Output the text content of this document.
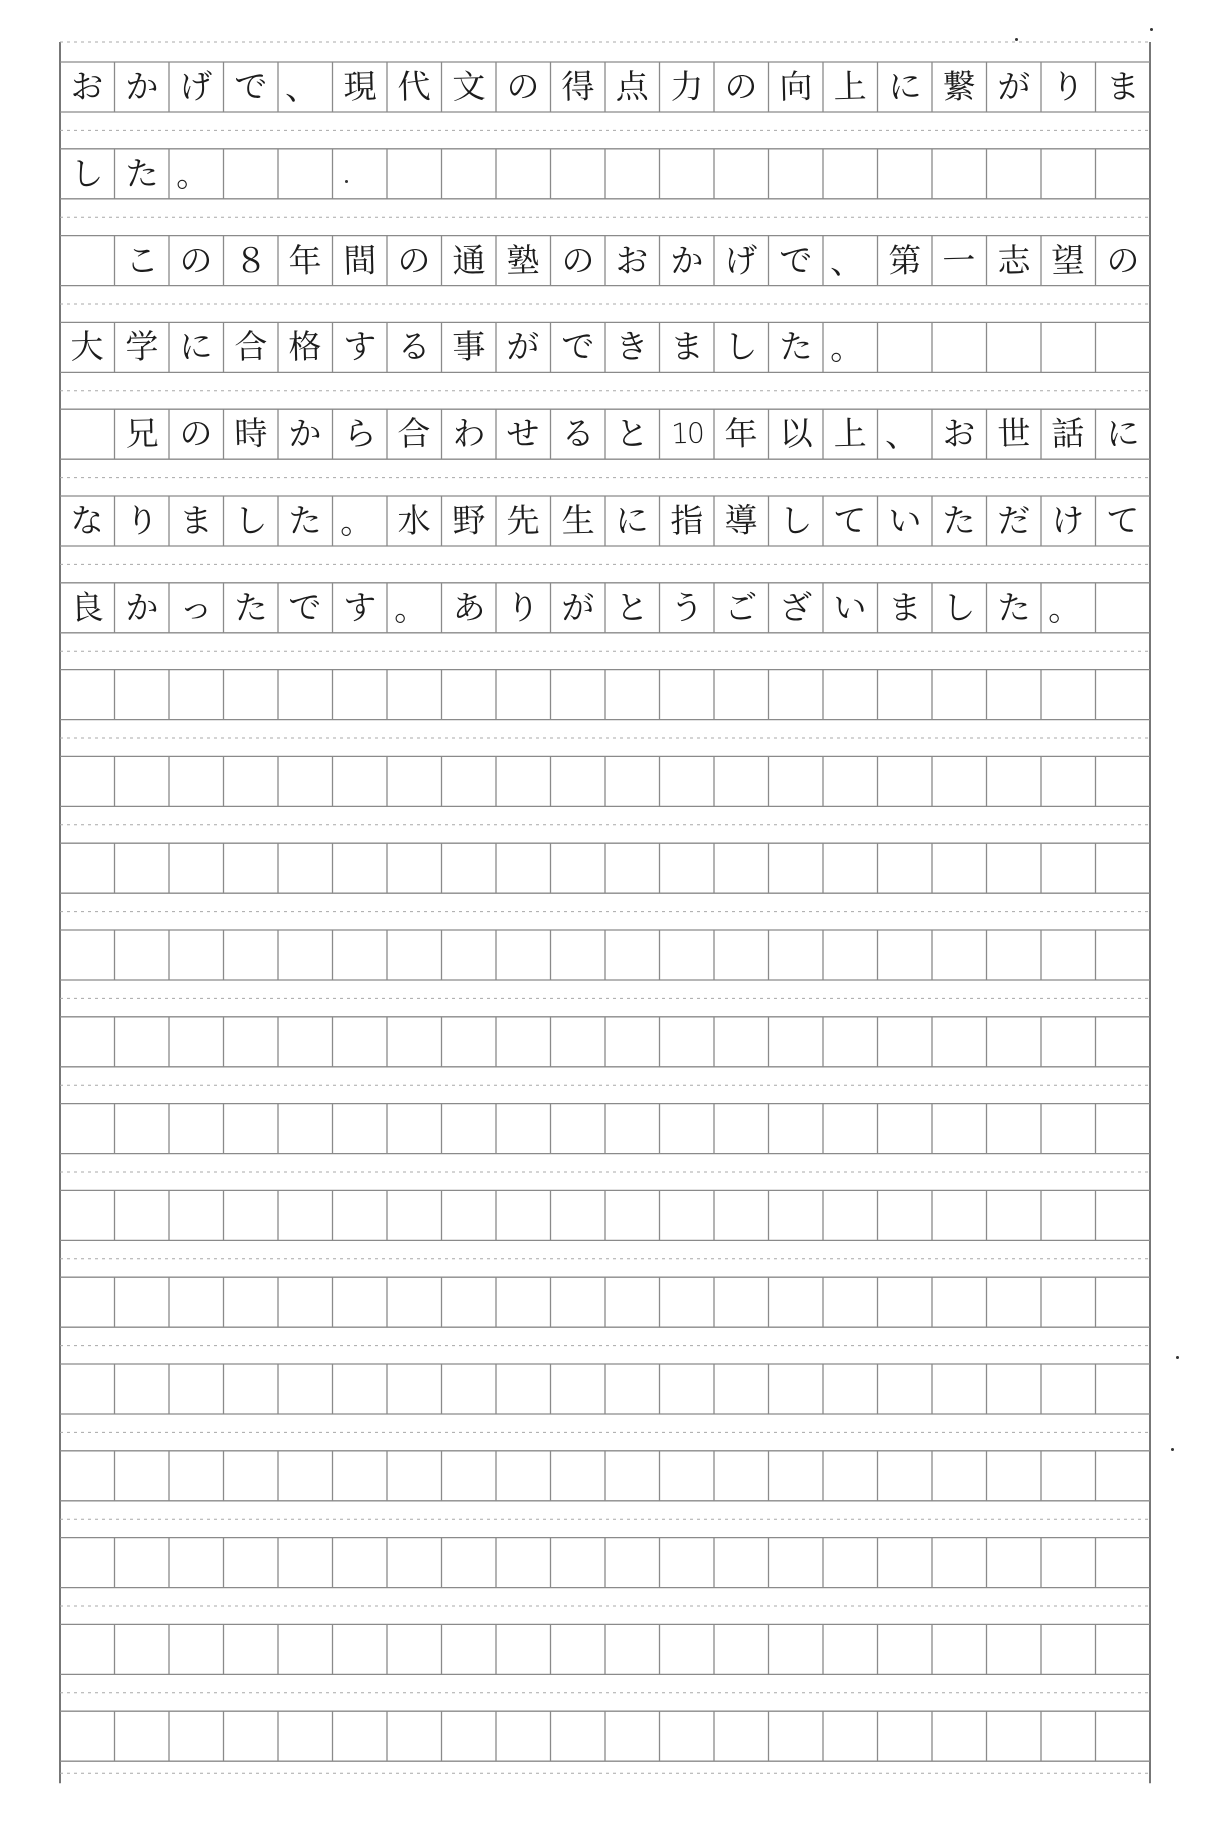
お か げ で 、 現 代 文 の 得 点 力 の 向 上 に 繋 が り ま
し た 。
こ の ８ 年 間 の 通 塾 の お か げ で 、 第 一 志 望 の
大 学 に 合 格 す る 事 が で き ま し た 。
兄 の 時 か ら 合 わ せ る と 10 年 以 上 、 お 世 話 に
な り ま し た 。 水 野 先 生 に 指 導 し て い た だ け て
良 か っ た で す 。 あ り が と う ご ざ い ま し た 。
